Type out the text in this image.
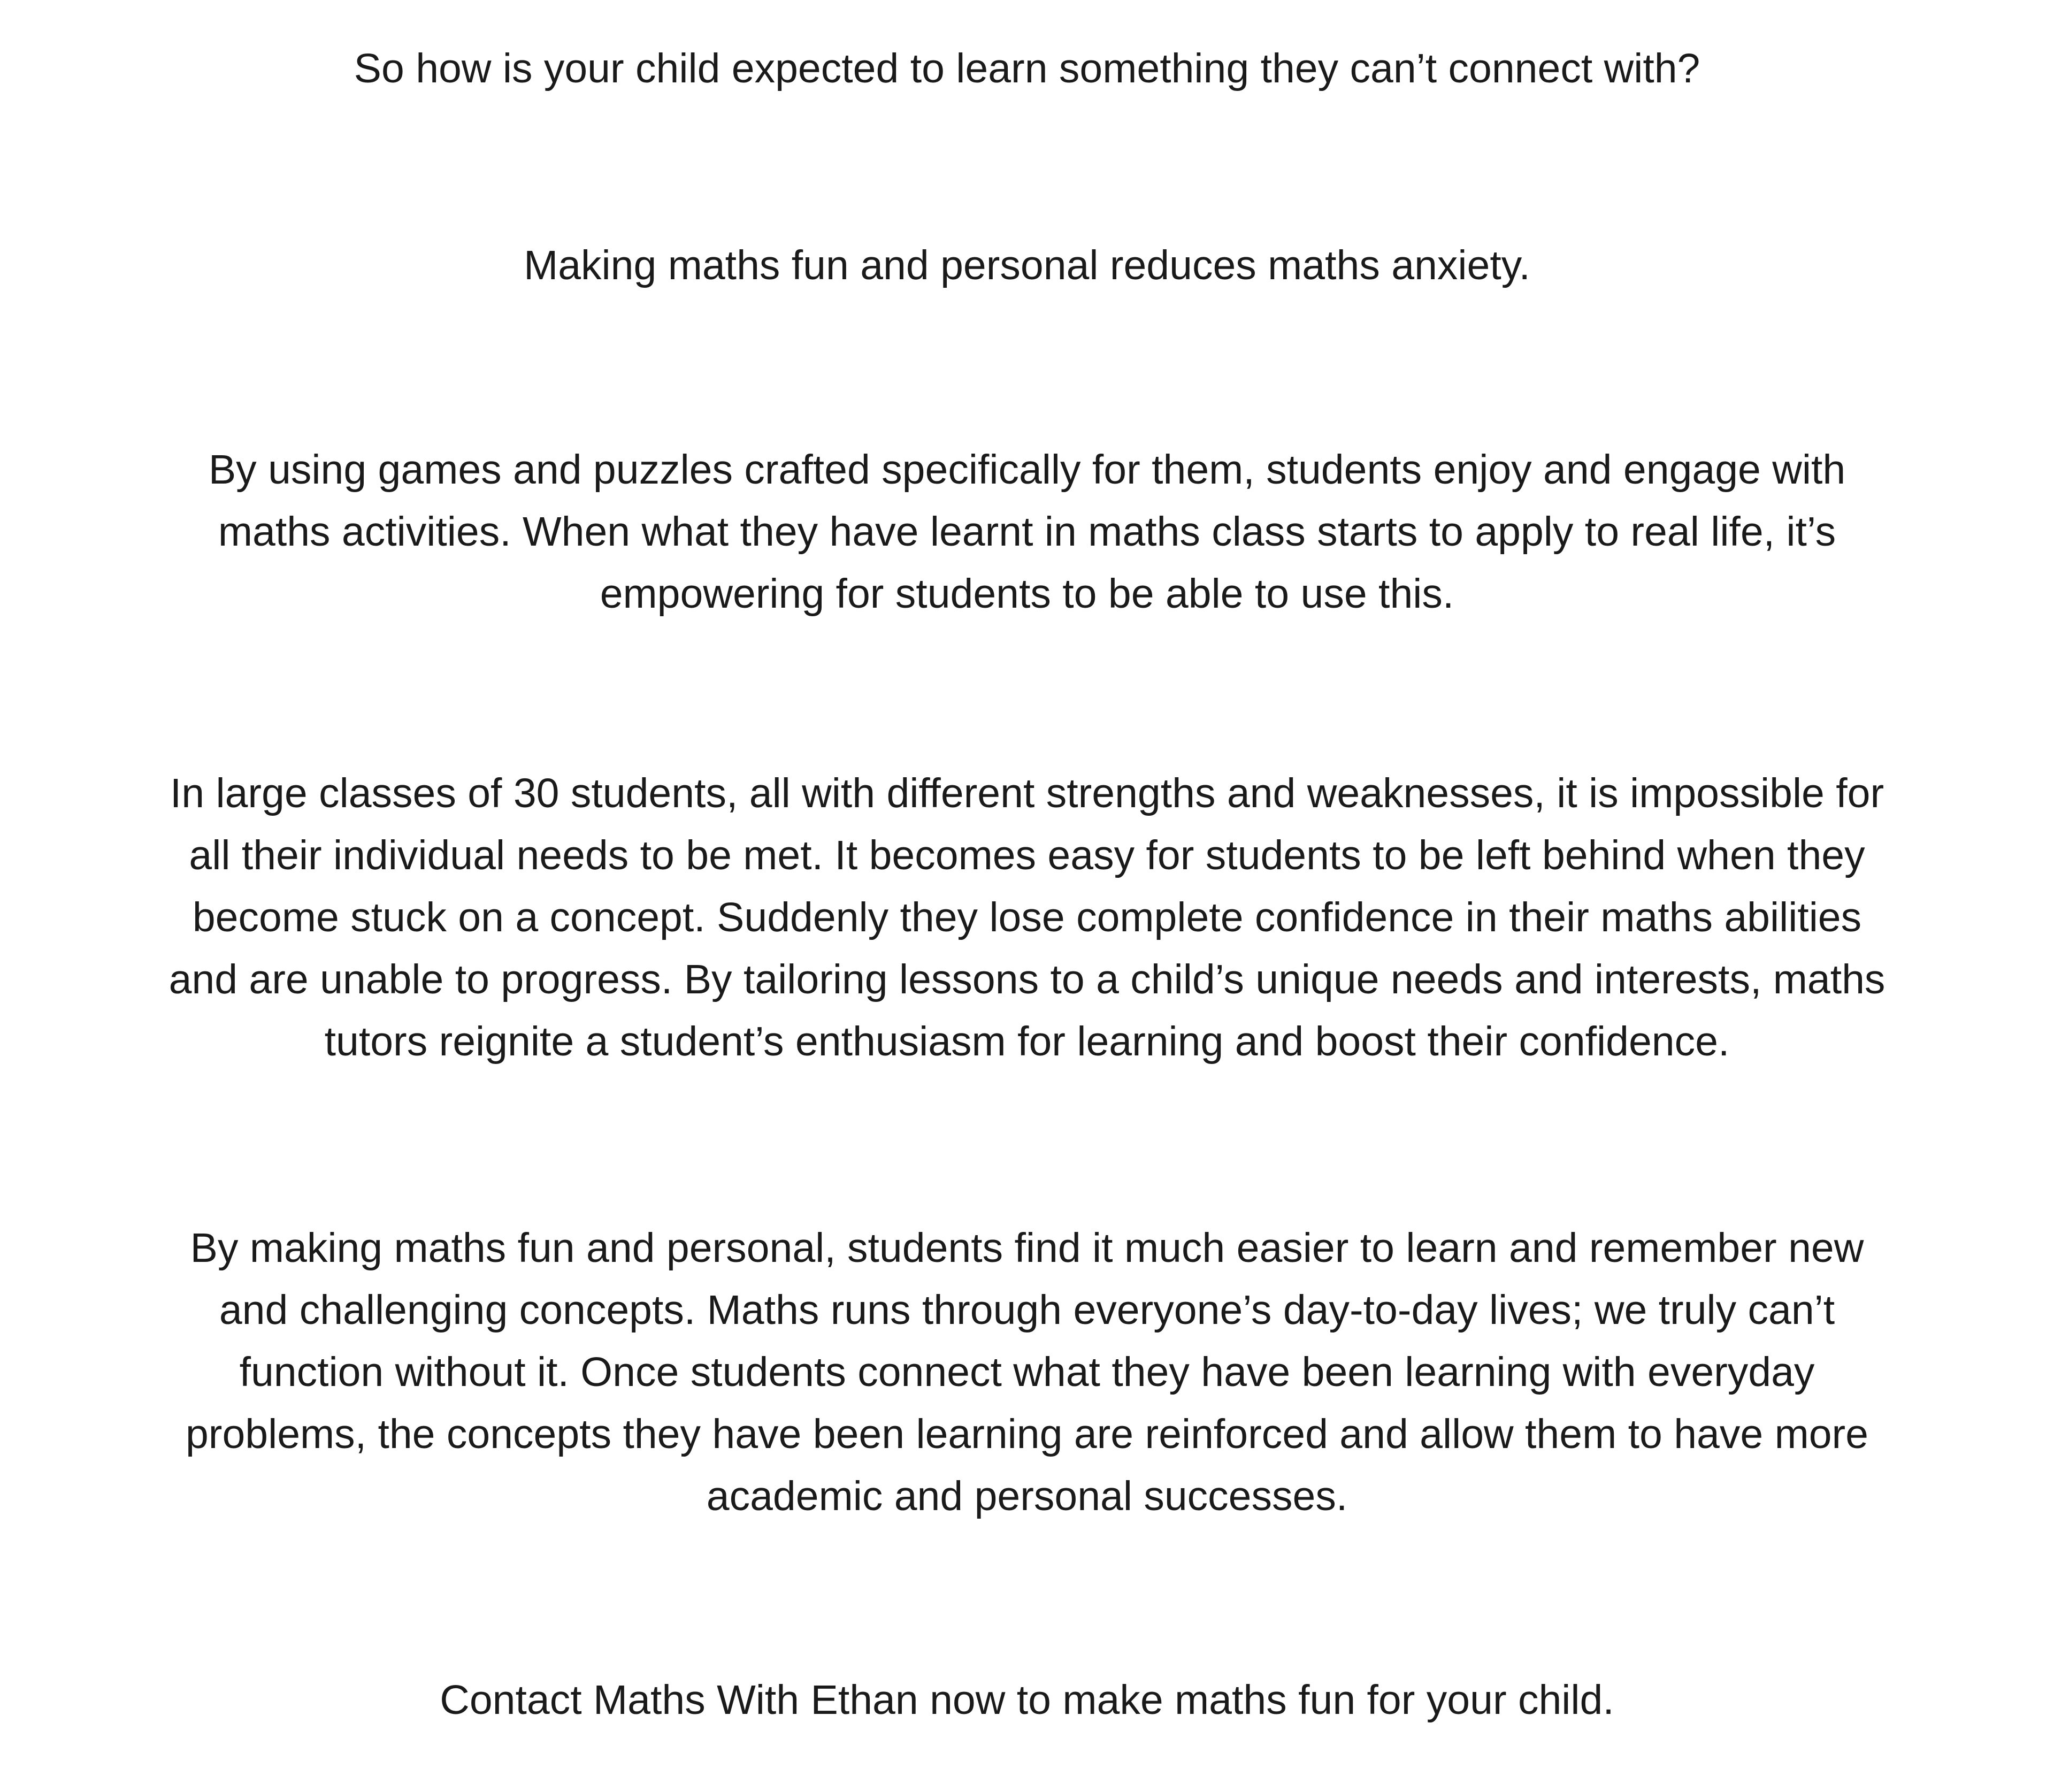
So how is your child expected to learn something they can’t connect with?

Making maths fun and personal reduces maths anxiety.

By using games and puzzles crafted specifically for them, students enjoy and engage with
maths activities. When what they have learnt in maths class starts to apply to real life, it’s
empowering for students to be able to use this.

In large classes of 30 students, all with different strengths and weaknesses, it is impossible for
all their individual needs to be met. It becomes easy for students to be left behind when they
become stuck on a concept. Suddenly they lose complete confidence in their maths abilities
and are unable to progress. By tailoring lessons to a child’s unique needs and interests, maths
tutors reignite a student’s enthusiasm for learning and boost their confidence.

By making maths fun and personal, students find it much easier to learn and remember new
and challenging concepts. Maths runs through everyone’s day-to-day lives; we truly can’t
function without it. Once students connect what they have been learning with everyday
problems, the concepts they have been learning are reinforced and allow them to have more
academic and personal successes.

Contact Maths With Ethan now to make maths fun for your child.
